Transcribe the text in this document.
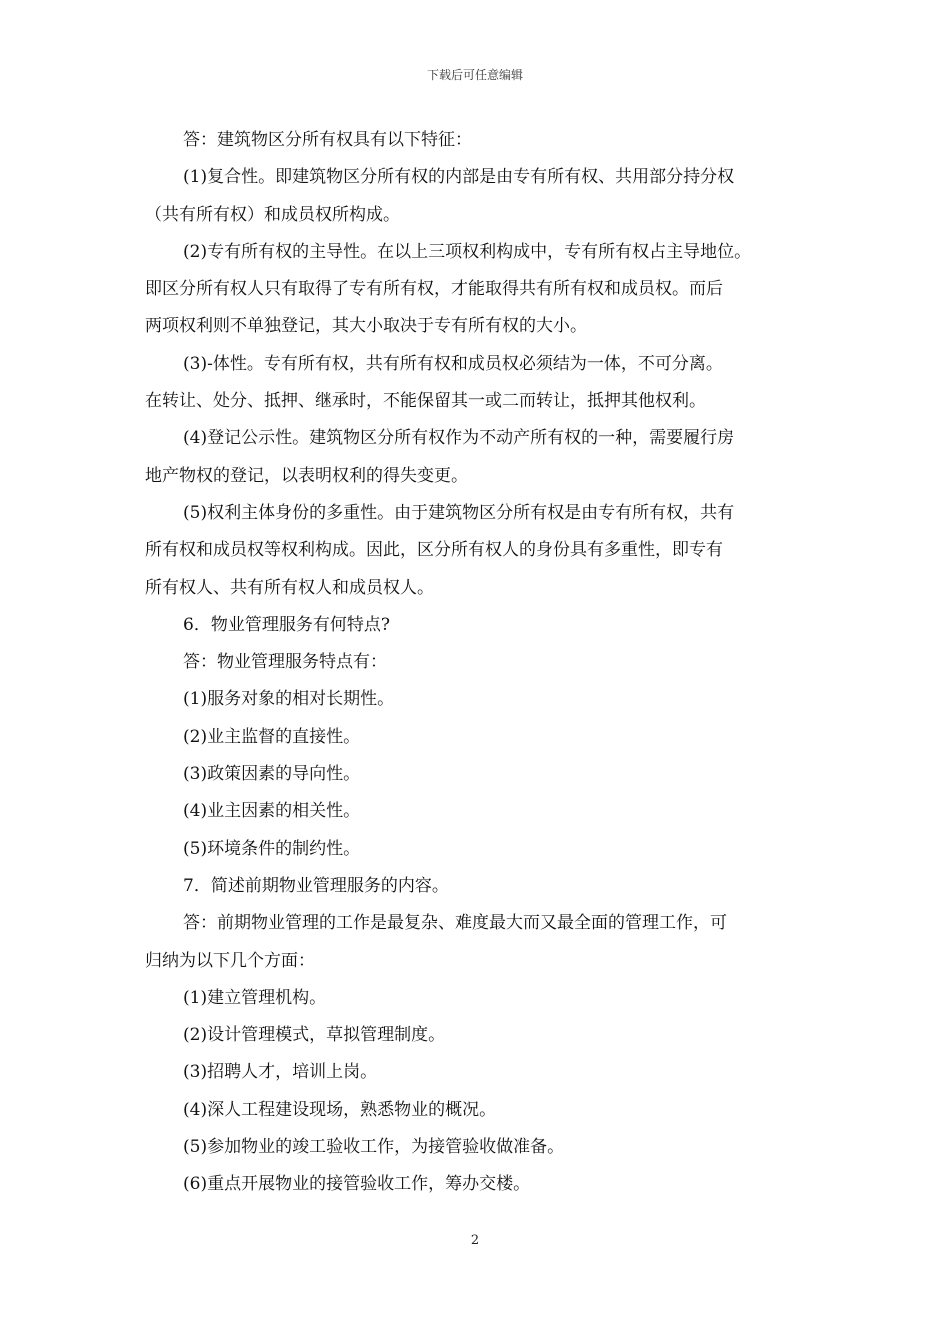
下载后可任意编辑
答：建筑物区分所有权具有以下特征：
(1)复合性。即建筑物区分所有权的内部是由专有所有权、共用部分持分权
（共有所有权）和成员权所构成。
(2)专有所有权的主导性。在以上三项权利构成中，专有所有权占主导地位。
即区分所有权人只有取得了专有所有权，才能取得共有所有权和成员权。而后
两项权利则不单独登记，其大小取决于专有所有权的大小。
(3)-体性。专有所有权，共有所有权和成员权必须结为一体，不可分离。
在转让、处分、抵押、继承时，不能保留其一或二而转让，抵押其他权利。
(4)登记公示性。建筑物区分所有权作为不动产所有权的一种，需要履行房
地产物权的登记，以表明权利的得失变更。
(5)权利主体身份的多重性。由于建筑物区分所有权是由专有所有权，共有
所有权和成员权等权利构成。因此，区分所有权人的身份具有多重性，即专有
所有权人、共有所有权人和成员权人。
6．物业管理服务有何特点?
答：物业管理服务特点有：
(1)服务对象的相对长期性。
(2)业主监督的直接性。
(3)政策因素的导向性。
(4)业主因素的相关性。
(5)环境条件的制约性。
7．简述前期物业管理服务的内容。
答：前期物业管理的工作是最复杂、难度最大而又最全面的管理工作，可
归纳为以下几个方面：
(1)建立管理机构。
(2)设计管理模式，草拟管理制度。
(3)招聘人才，培训上岗。
(4)深人工程建设现场，熟悉物业的概况。
(5)参加物业的竣工验收工作，为接管验收做准备。
(6)重点开展物业的接管验收工作，筹办交楼。
2
